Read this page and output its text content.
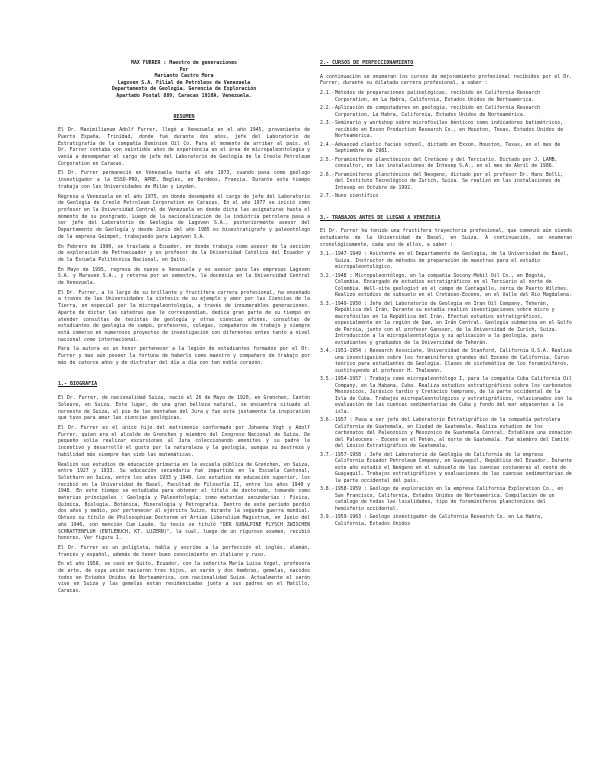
MAX FURRER : Maestro de generaciones
Por
Marianto Castro Mora
Lagoven S.A. Filial de Petróleos de Venezuela
Departamento de Geología. Gerencia de Exploración
Apartado Postal 889, Caracas 1010A, Venezuela.
RESUMEN

El Dr. Maximilianum Adolf Furrer, llegó a Venezuela en el año 1945, proveniente de Puerto España, Trinidad, donde fué durante dos años, jefe del Laboratorio de Estratigrafía de la compañía Dominion Oil Co. Para el momento de arribar al país, el Dr. Furrer contaba con veintidós años de experiencia en el área de micropaleontología y venía a desempeñar el cargo de jefe del Laboratorio de Geología de la Creole Petroleum Corporation en Caracas.

El Dr. Furrer permaneció en Venezuela hasta el año 1973, cuando pasa como geólogo investigador a la ESSO-PRO, APRE, Begles, en Burdeos, Francia. Durante este tiempo trabaja con las Universidades de Milán y Leyden.

Regresa a Venezuela en el año 1975, en donde desempeñó el cargo de jefe del Laboratorio de Geología de Creole Petroleum Corporation en Caracas. En el año 1977 se inició como profesor en la Universidad Central de Venezuela en donde dicta las asignaturas hasta el momento de su postgrado. Luego de la nacionalización de la industria petrolera pasa a ser jefe del Laboratorio de Geología de Lagoven S.A., posteriormente asesor del Departamento de Geología y desde Junio del año 1985 es bioestratígrafo y paleontólogo de la empresa Geimpet, trabajando para Lagoven S.A.

En Febrero de 1990, se traslada a Ecuador, en donde trabaja como asesor de la sección de exploración de Petroecuador y es profesor de la Universidad Católica del Ecuador y de la Escuela Politécnica Nacional, en Quito.

En Mayo de 1995, regresa de nuevo a Venezuela y es asesor para las empresas Lagoven S.A. y Maraven S.A., y retorna por un semestre, la docencia en la Universidad Central de Venezuela.

El Dr. Furrer, a lo largo de su brillante y fructífera carrera profesional, ha enseñado a través de las Universidades la síntesis de su ejemplo y amor por las Ciencias de la Tierra, en especial por la micropaleontología, a través de innumerables generaciones. Aparte de dictar las cátedras que le correspondían, dedica gran parte de su tiempo en atender consultas de tesistas de geología y otras ciencias afines, consultas de estudiantes de geología de campo, profesores, colegas, compañeros de trabajo y siempre está inmerso en numerosos proyectos de investigación con diferentes entes tanto a nivel nacional como internacional.

Para la autora es un honor pertenecer a la legión de estudiantes formados por el Dr. Furrer y mas aún poseer la fortuna de haberlo como maestro y compañero de trabajo por más de catorce años y de disfrutar del día a día con tan noble corazón.

1.- BIOGRAFIA

El Dr. Furrer, de nacionalidad Suiza, nació el 26 de Mayo de 1920, en Grenchen, Cantón Soleure, en Suiza. Este lugar, de una gran belleza natural, se encuentra situado al noroeste de Suiza, al pie de las montañas del Jura y fue esta justamente la inspiración que tuvo para amar las ciencias geológicas.

El Dr. Furrer es el único hijo del matrimonio conformado por Johanna Vogt y Adolf Furrer, quien era el alcalde de Grenchen y miembro del Congreso Nacional de Suiza. De pequeño solía realizar excursiones al Jura coleccionando amonites y su padre le incentivó y desarrolló el gusto por la naturaleza y la geología, aunque su destreza y habilidad más siempre han sido las matemáticas.

Realizó sus estudios de educación primaria en la escuela pública de Grenchen, en Suiza, entre 1927 y 1933. Su educación secundaria fué impartida en la Escuela Cantonal, Solothurn en Suiza, entre los años 1933 y 1940. Los estudios de educación superior, los recibió en la Universidad de Basel, Facultad de Filosofía II, entre los años 1940 y 1948. En este tiempo se estudiaba para obtener el título de doctorado, tomando como materias principales : Geología y Paleontología; como materias secundarias : Física, Química, Biología, Botánica, Mineralogía y Petrografía. Dentro de este período perdió dos años y medio, por pertenecer al ejército Suizo, durante la segunda guerra mundial. Obtuvo su título de Philosophiae Doctorem et Artium Liberalium Magistrum, en Junio del año 1946, con mención Cum Laude. Su tesis se tituló "DER SUBALPINE FLYSCH ZWISCHEN SCHRATTENFLUH (ENTLEBUCH, KT. LUZERN)", la cual, luego de un riguroso examen, recibió honores. Ver figura 1.

El Dr. Furrer es un políglota, habla y escribe a la perfección el inglés, alemán, francés y español, además de tener buen conocimiento en italiano y ruso.

En el año 1958, se casó en Quito, Ecuador, con la señorita María Luisa Vogel, profesora de arte, de cuya unión nacieron tres hijos, un varón y dos hembras, gemelas, nacidos todos en Estados Unidos de Norteamérica, con nacionalidad Suiza. Actualmente el varón vive en Suiza y las gemelas están residenciadas junto a sus padres en el Hatillo, Caracas.

2.- CURSOS DE PERFECCIONAMIENTO

A continuación se enumeran los cursos de mejoramiento profesional recibidos por el Dr. Furrer, durante su dilatada carrera profesional, a saber :

2.1.- Métodos de preparaciones palinológicas, recibido en California Research Corporation, en La Habra, California, Estados Unidos de Norteamérica.
2.2.- Aplicación de computadores en geología, recibido en California Research Corporation, La Habra, California, Estados Unidos de Norteamérica.
2.3.- Seminario y workshop sobre microfósiles bénticos como indicadores batimétricos, recibido en Exxon Production Research Co., en Houston, Texas, Estados Unidos de Norteamérica.
2.4.- Advanced clastic facies school, dictado en Exxon, Houston, Texas, en el mes de Septiembre de 1981.
2.5.- Foraminíferos planctónicos del Cretáceo y del Terciario. Dictado por J. LAMB, consultor, en las instalaciones de Intevep S.A., en el mes de Abril de 1986.
2.6.- Foraminíferos planctónicos del Neogeno, dictado por el profesor Dr. Hans Bolli, del Instituto Tecnológico de Zurich, Suiza. Se realizó en las instalaciones de Intevep en Octubre de 1992.
2.7.- Nuno científico
3.- TRABAJOS ANTES DE LLEGAR A VENEZUELA

El Dr. Furrer ha tenido una fructífera trayectoria profesional, que comenzó aún siendo estudiante de la Universidad de Basel, en Suiza. A continuación, se enumeran cronológicamente, cada uno de ellos, a saber :

3.1.- 1947-1949 : Asistente en el Departamento de Geología, de la Universidad de Basel, Suiza. Instructor de métodos de preparación de muestras para el estudio micropaleontológico.
3.2.- 1948 : Micropaleontólogo, en la compañía Socony-Mobil Oil Co., en Bogotá, Colombia. Encargado de estudios estratigráficos en el Terciario al norte de Colombia. Well-site geologist en el campo de Cantagallo, cerca de Puerto Wilches. Realizó estudios de subsuelo en el Cretáceo-Eoceno, en el Valle del Río Magdalena.
3.3.- 1949-1950 : Jefe del Laboratorio de Geología en Iran Oil Company, Teherán, República del Irán. Durante su estadía realizó investigaciones sobre micro y macrofósiles en la República del Irán. Efectuó estudios estratigráficos, especialmente en la región de Qum, en Irán Central. Geología submarina en el Golfo de Persia, junto con el profesor Gansser, de la Universidad de Zurich, Suiza. Introducción a la micropaleontología y su aplicación a la geología, para estudiantes y graduados de la Universidad de Teherán.
3.4.- 1951-1954 : Research Associate, Universidad de Stanford, California U.S.A. Realiza una investigación sobre los foraminíferos grandes del Eoceno de California. Curso teórico para estudiantes de Geología. Clases de sistemática de los foraminíferos, sustituyendo al profesor H. Thalmann.
3.5.- 1954-1957 : Trabaja como micropaleontólogo I, para la compañía Cuba California Oil Company, en la Habana, Cuba. Realiza estudios estratigráficos sobre los carbonatos Mesozoicos, Jurásico tardío y Cretácico temprano, de la parte occidental de la Isla de Cuba. Trabajos micropaleontológicos y estratigráficos, relacionados con la evaluación de las cuencas sedimentarias de Cuba y fondo del mar adyacentes a la isla.
3.6.- 1957 : Pasa a ser jefe del Laboratorio Estratigráfico de la compañía petrolera California de Guatemala, en Ciudad de Guatemala. Realiza estudios de los carbonatos del Paleozoico y Mesozoico de Guatemala Central. Establece una zonación del Paleoceno - Eoceno en el Petén, al norte de Guatemala. Fué miembro del Comité del Léxico Estratigráfico de Guatemala.
3.7.- 1957-1958 : Jefe del Laboratorio de Geología de California de la empresa California Ecuador Petroleum Company, en Guayaquil, República del Ecuador. Durante este año estudió el Neógeno en el subsuelo de las cuencas costaneras al oeste de Guayaquil. Trabajos estratigráficos y evaluaciones de las cuencas sedimentarias de la parte occidental del país.
3.8.- 1958-1959 : Geólogo de exploración en la empresa California Exploration Co., en San Francisco, California, Estados Unidos de Norteamérica. Compilación de un catálogo de todas las localidades, tipo de foraminíferos planctónicos del hemisferio occidental.
3.9.- 1959-1963 : Geólogo investigador de California Research Co. en La Habra, California, Estados Unidos
